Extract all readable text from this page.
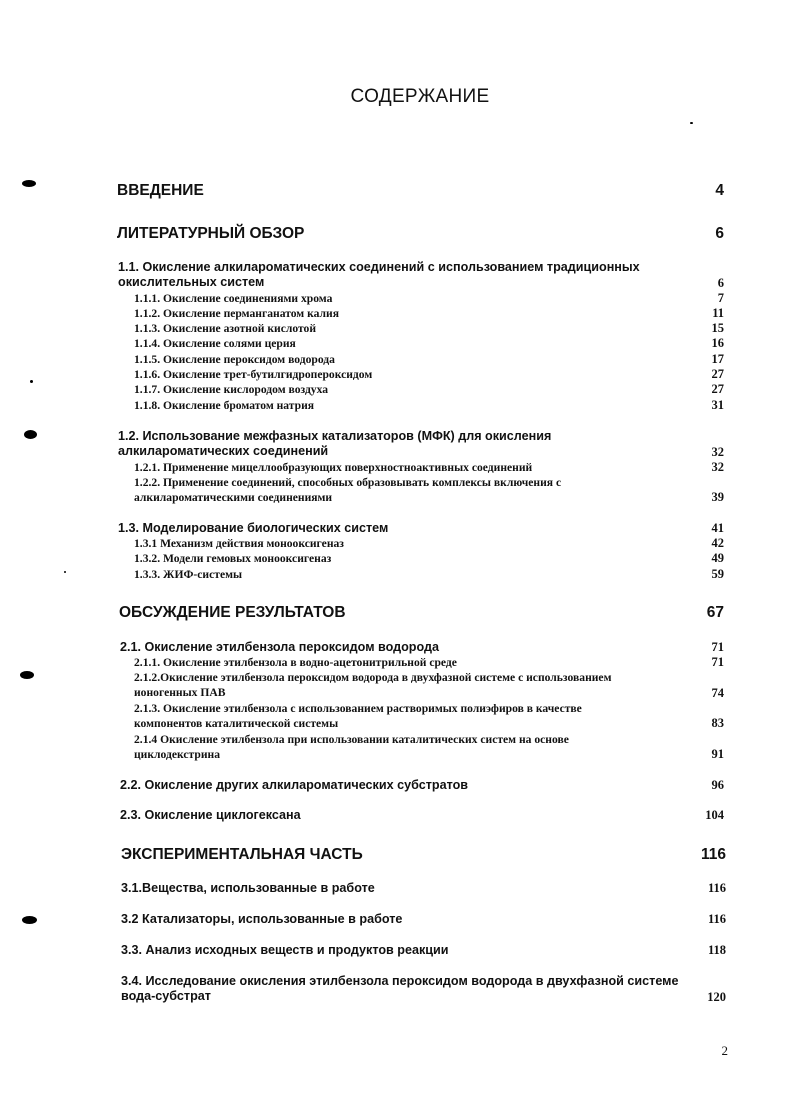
СОДЕРЖАНИЕ
ВВЕДЕНИЕ	4
ЛИТЕРАТУРНЫЙ ОБЗОР	6
1.1. Окисление алкилароматических соединений с использованием традиционных
окислительных систем	6
1.1.1. Окисление соединениями хрома	7
1.1.2. Окисление перманганатом калия	11
1.1.3. Окисление азотной кислотой	15
1.1.4. Окисление солями церия	16
1.1.5. Окисление пероксидом водорода	17
1.1.6. Окисление трет-бутилгидропероксидом	27
1.1.7. Окисление кислородом воздуха	27
1.1.8. Окисление броматом натрия	31
1.2. Использование межфазных катализаторов (МФК) для окисления
алкилароматических соединений	32
1.2.1. Применение мицеллообразующих поверхностноактивных соединений	32
1.2.2. Применение соединений, способных образовывать комплексы включения с
алкилароматическими соединениями	39
1.3. Моделирование биологических систем	41
1.3.1 Механизм действия монооксигеназ	42
1.3.2. Модели гемовых монооксигеназ	49
1.3.3. ЖИФ-системы	59
ОБСУЖДЕНИЕ РЕЗУЛЬТАТОВ	67
2.1. Окисление этилбензола пероксидом водорода	71
2.1.1. Окисление этилбензола в водно-ацетонитрильной среде	71
2.1.2.Окисление этилбензола пероксидом водорода в двухфазной системе с использованием
ионогенных ПАВ	74
2.1.3. Окисление этилбензола с использованием растворимых полиэфиров в качестве
компонентов каталитической системы	83
2.1.4 Окисление этилбензола при использовании каталитических систем на основе
циклодекстрина	91
2.2. Окисление других алкилароматических субстратов	96
2.3. Окисление циклогексана	104
ЭКСПЕРИМЕНТАЛЬНАЯ ЧАСТЬ	116
3.1.Вещества, использованные в работе	116
3.2 Катализаторы, использованные в работе	116
3.3. Анализ исходных веществ и продуктов реакции	118
3.4. Исследование окисления этилбензола пероксидом водорода в двухфазной системе
вода-субстрат	120
2
